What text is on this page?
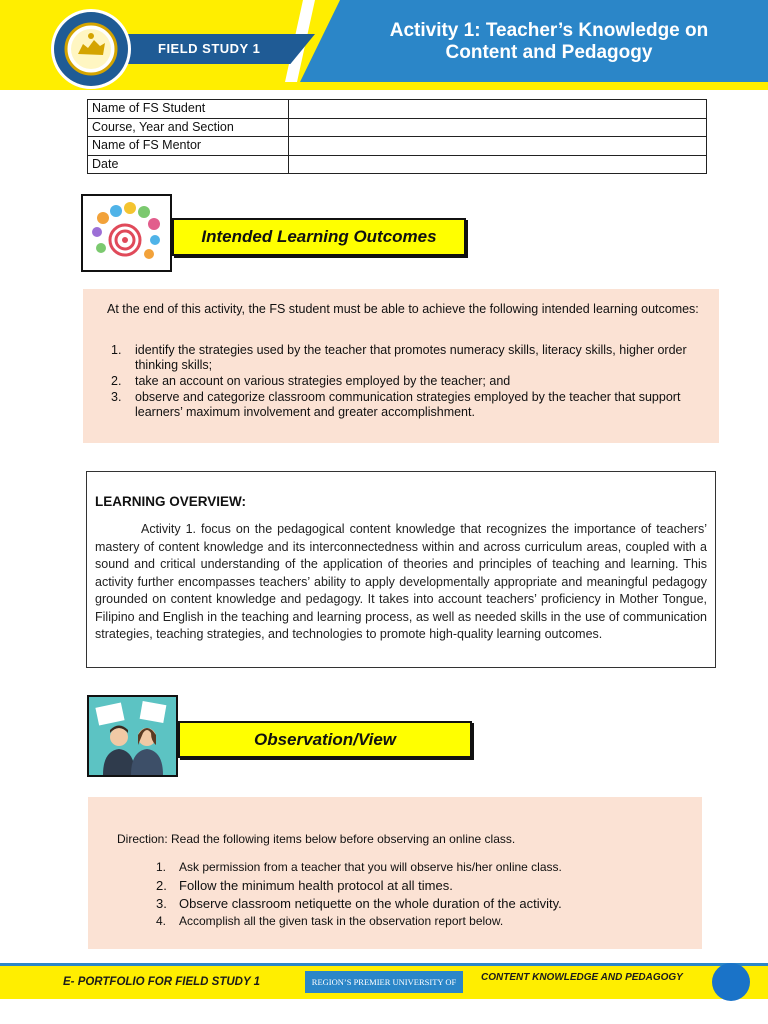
Activity 1: Teacher’s Knowledge on
Content and Pedagogy
FIELD STUDY 1
Name of FS Student	
Course, Year and Section	
Name of FS Mentor	
Date	
Intended Learning Outcomes
At the end of this activity, the FS student must be able to achieve the following intended learning outcomes:
1. identify the strategies used by the teacher that promotes numeracy skills, literacy skills, higher order thinking skills;
2. take an account on various strategies employed by the teacher; and
3. observe and categorize classroom communication strategies employed by the teacher that support learners’ maximum involvement and greater accomplishment.
LEARNING OVERVIEW:

Activity 1. focus on the pedagogical content knowledge that recognizes the importance of teachers’ mastery of content knowledge and its interconnectedness within and across curriculum areas, coupled with a sound and critical understanding of the application of theories and principles of teaching and learning. This activity further encompasses teachers’ ability to apply developmentally appropriate and meaningful pedagogy grounded on content knowledge and pedagogy. It takes into account teachers’ proficiency in Mother Tongue, Filipino and English in the teaching and learning process, as well as needed skills in the use of communication strategies, teaching strategies, and technologies to promote high-quality learning outcomes.

Observation/View
Direction: Read the following items below before observing an online class.
1. Ask permission from a teacher that you will observe his/her online class.
2. Follow the minimum health protocol at all times.
3. Observe classroom netiquette on the whole duration of the activity.
4. Accomplish all the given task in the observation report below.
E- PORTFOLIO FOR FIELD STUDY 1	REGION’S PREMIER UNIVERSITY OF	CONTENT KNOWLEDGE AND PEDAGOGY
